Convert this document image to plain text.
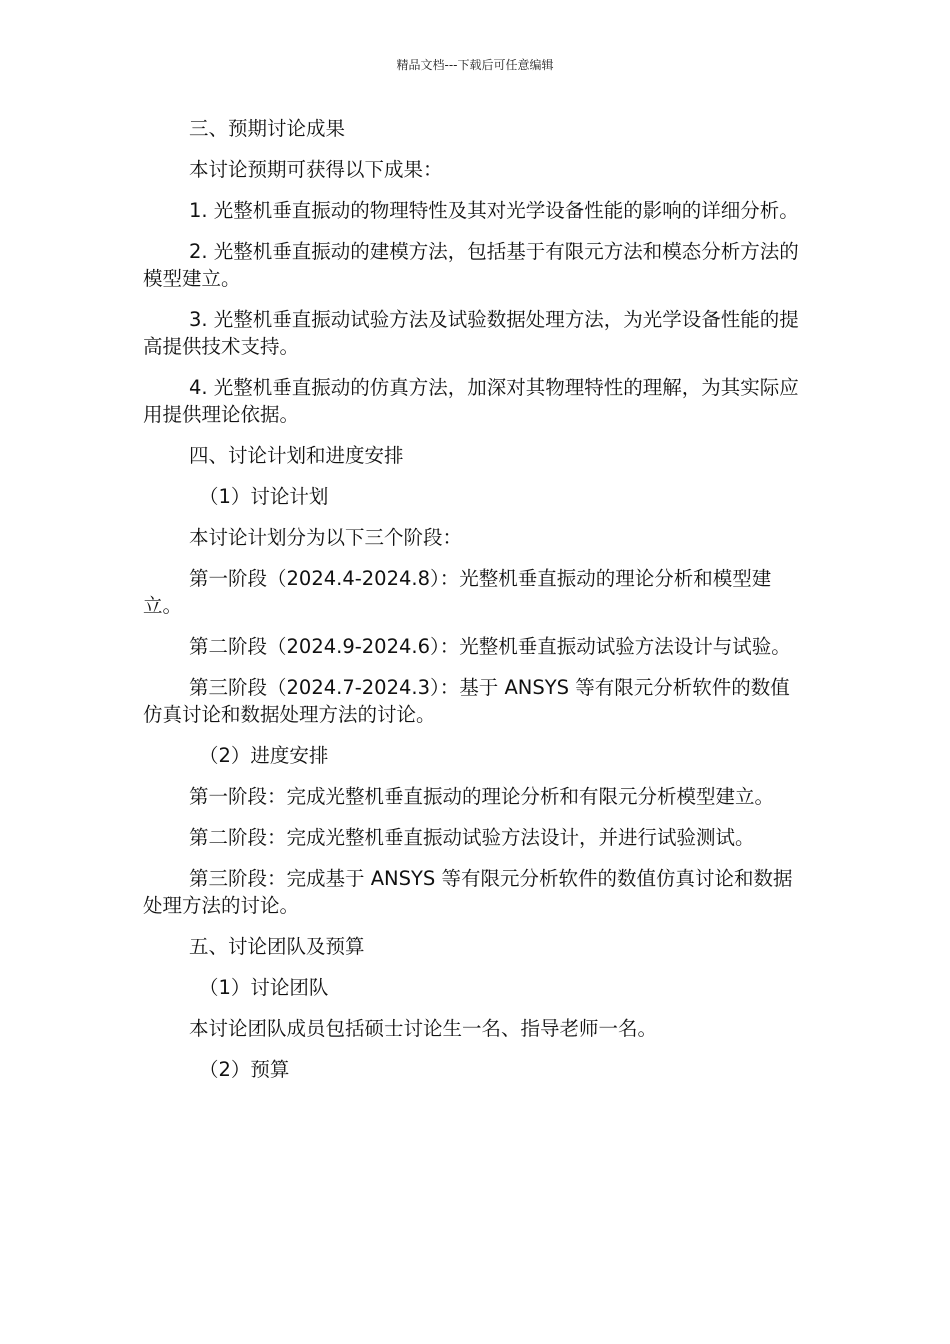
精品文档---下载后可任意编辑

三、预期讨论成果

本讨论预期可获得以下成果：

1. 光整机垂直振动的物理特性及其对光学设备性能的影响的详细分析。

2. 光整机垂直振动的建模方法，包括基于有限元方法和模态分析方法的模型建立。

3. 光整机垂直振动试验方法及试验数据处理方法，为光学设备性能的提高提供技术支持。

4. 光整机垂直振动的仿真方法，加深对其物理特性的理解，为其实际应用提供理论依据。

四、讨论计划和进度安排

（1）讨论计划

本讨论计划分为以下三个阶段：

第一阶段（2024.4-2024.8）：光整机垂直振动的理论分析和模型建立。

第二阶段（2024.9-2024.6）：光整机垂直振动试验方法设计与试验。

第三阶段（2024.7-2024.3）：基于 ANSYS 等有限元分析软件的数值仿真讨论和数据处理方法的讨论。

（2）进度安排

第一阶段：完成光整机垂直振动的理论分析和有限元分析模型建立。

第二阶段：完成光整机垂直振动试验方法设计，并进行试验测试。

第三阶段：完成基于 ANSYS 等有限元分析软件的数值仿真讨论和数据处理方法的讨论。

五、讨论团队及预算

（1）讨论团队

本讨论团队成员包括硕士讨论生一名、指导老师一名。

（2）预算
